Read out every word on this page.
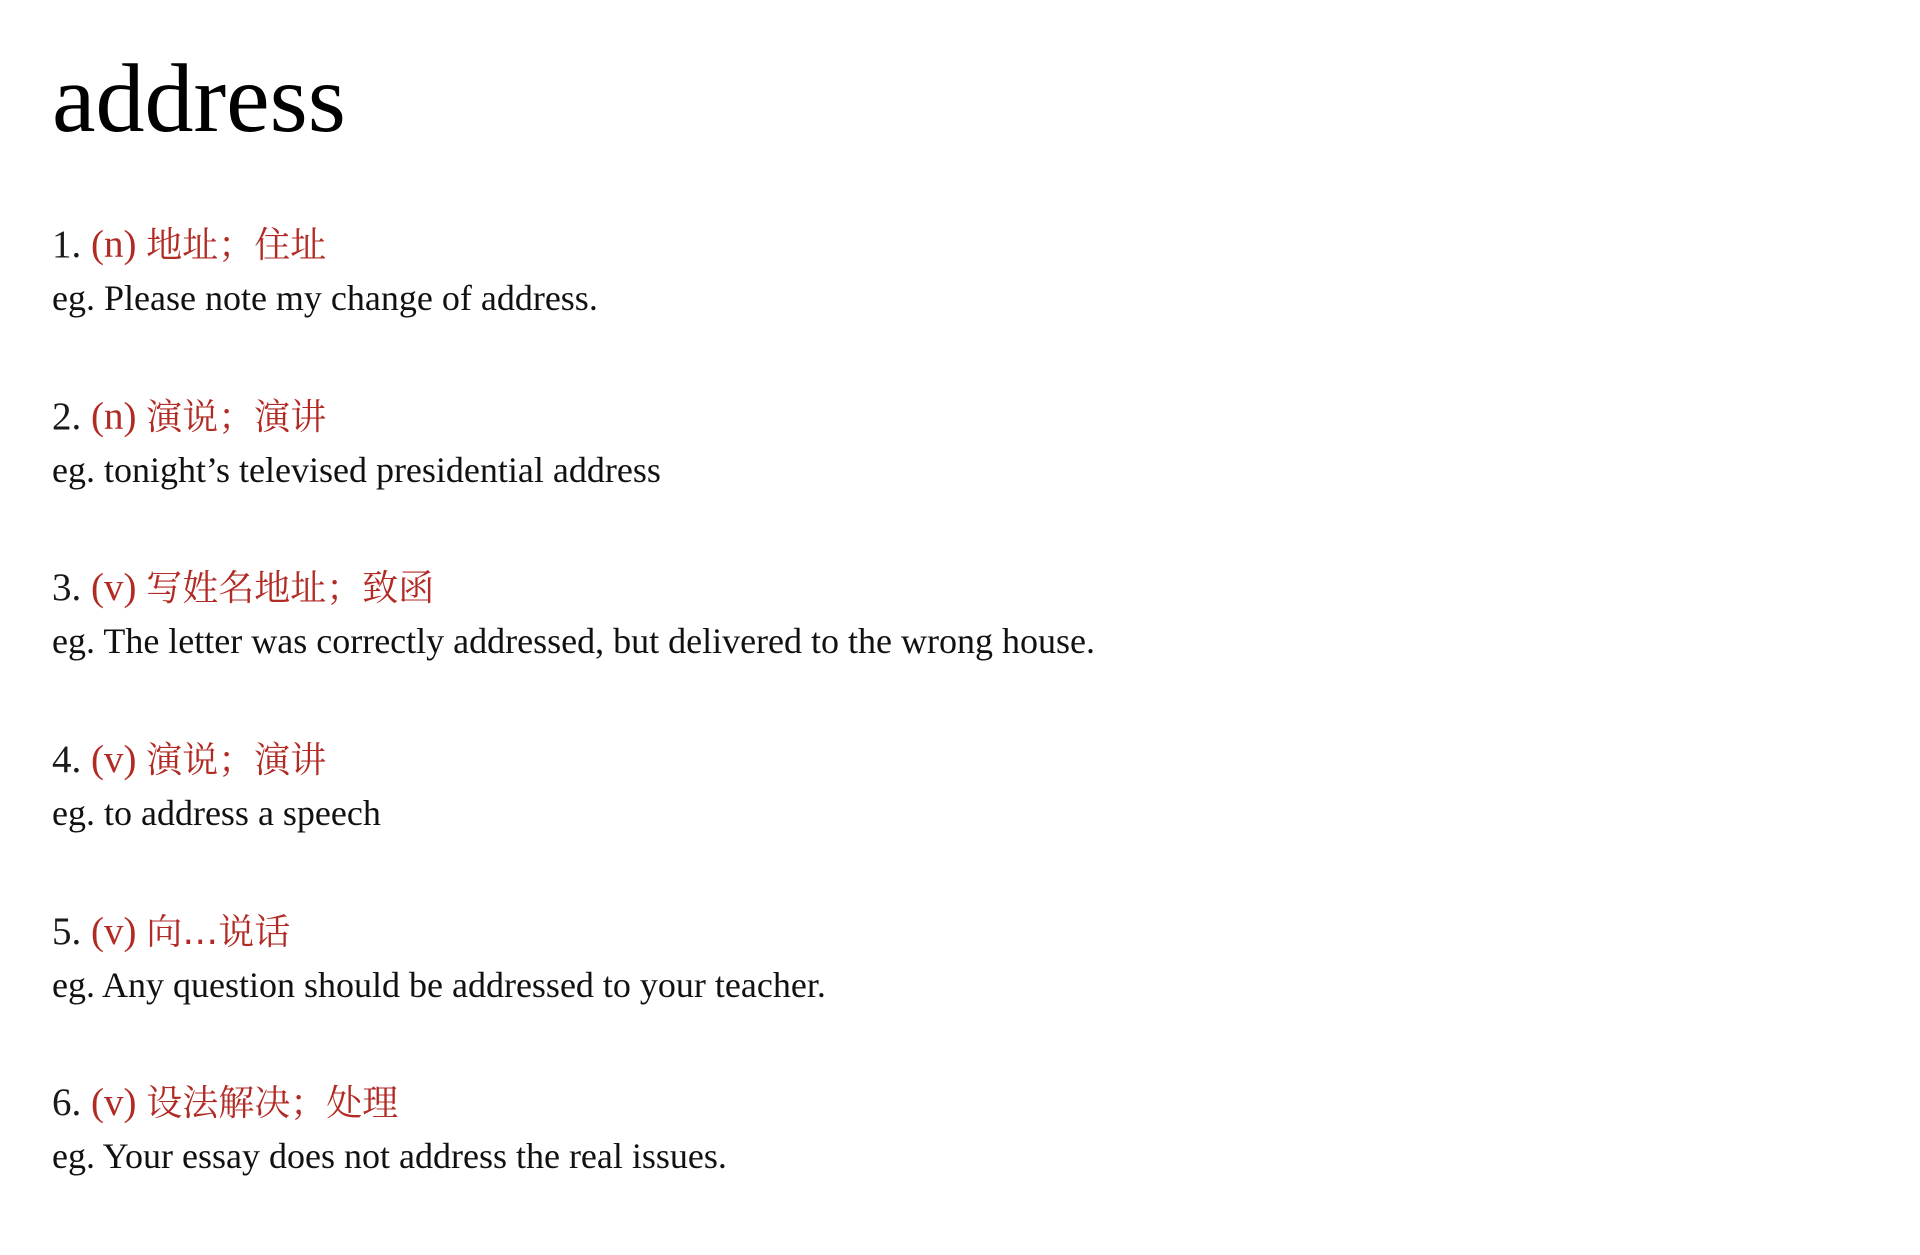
address
1. (n) 地址；住址
eg. Please note my change of address.
2. (n) 演说；演讲
eg. tonight’s televised presidential address
3. (v) 写姓名地址；致函
eg. The letter was correctly addressed, but delivered to the wrong house.
4. (v) 演说；演讲
eg. to address a speech
5. (v) 向…说话
eg. Any question should be addressed to your teacher.
6. (v) 设法解决；处理
eg. Your essay does not address the real issues.
